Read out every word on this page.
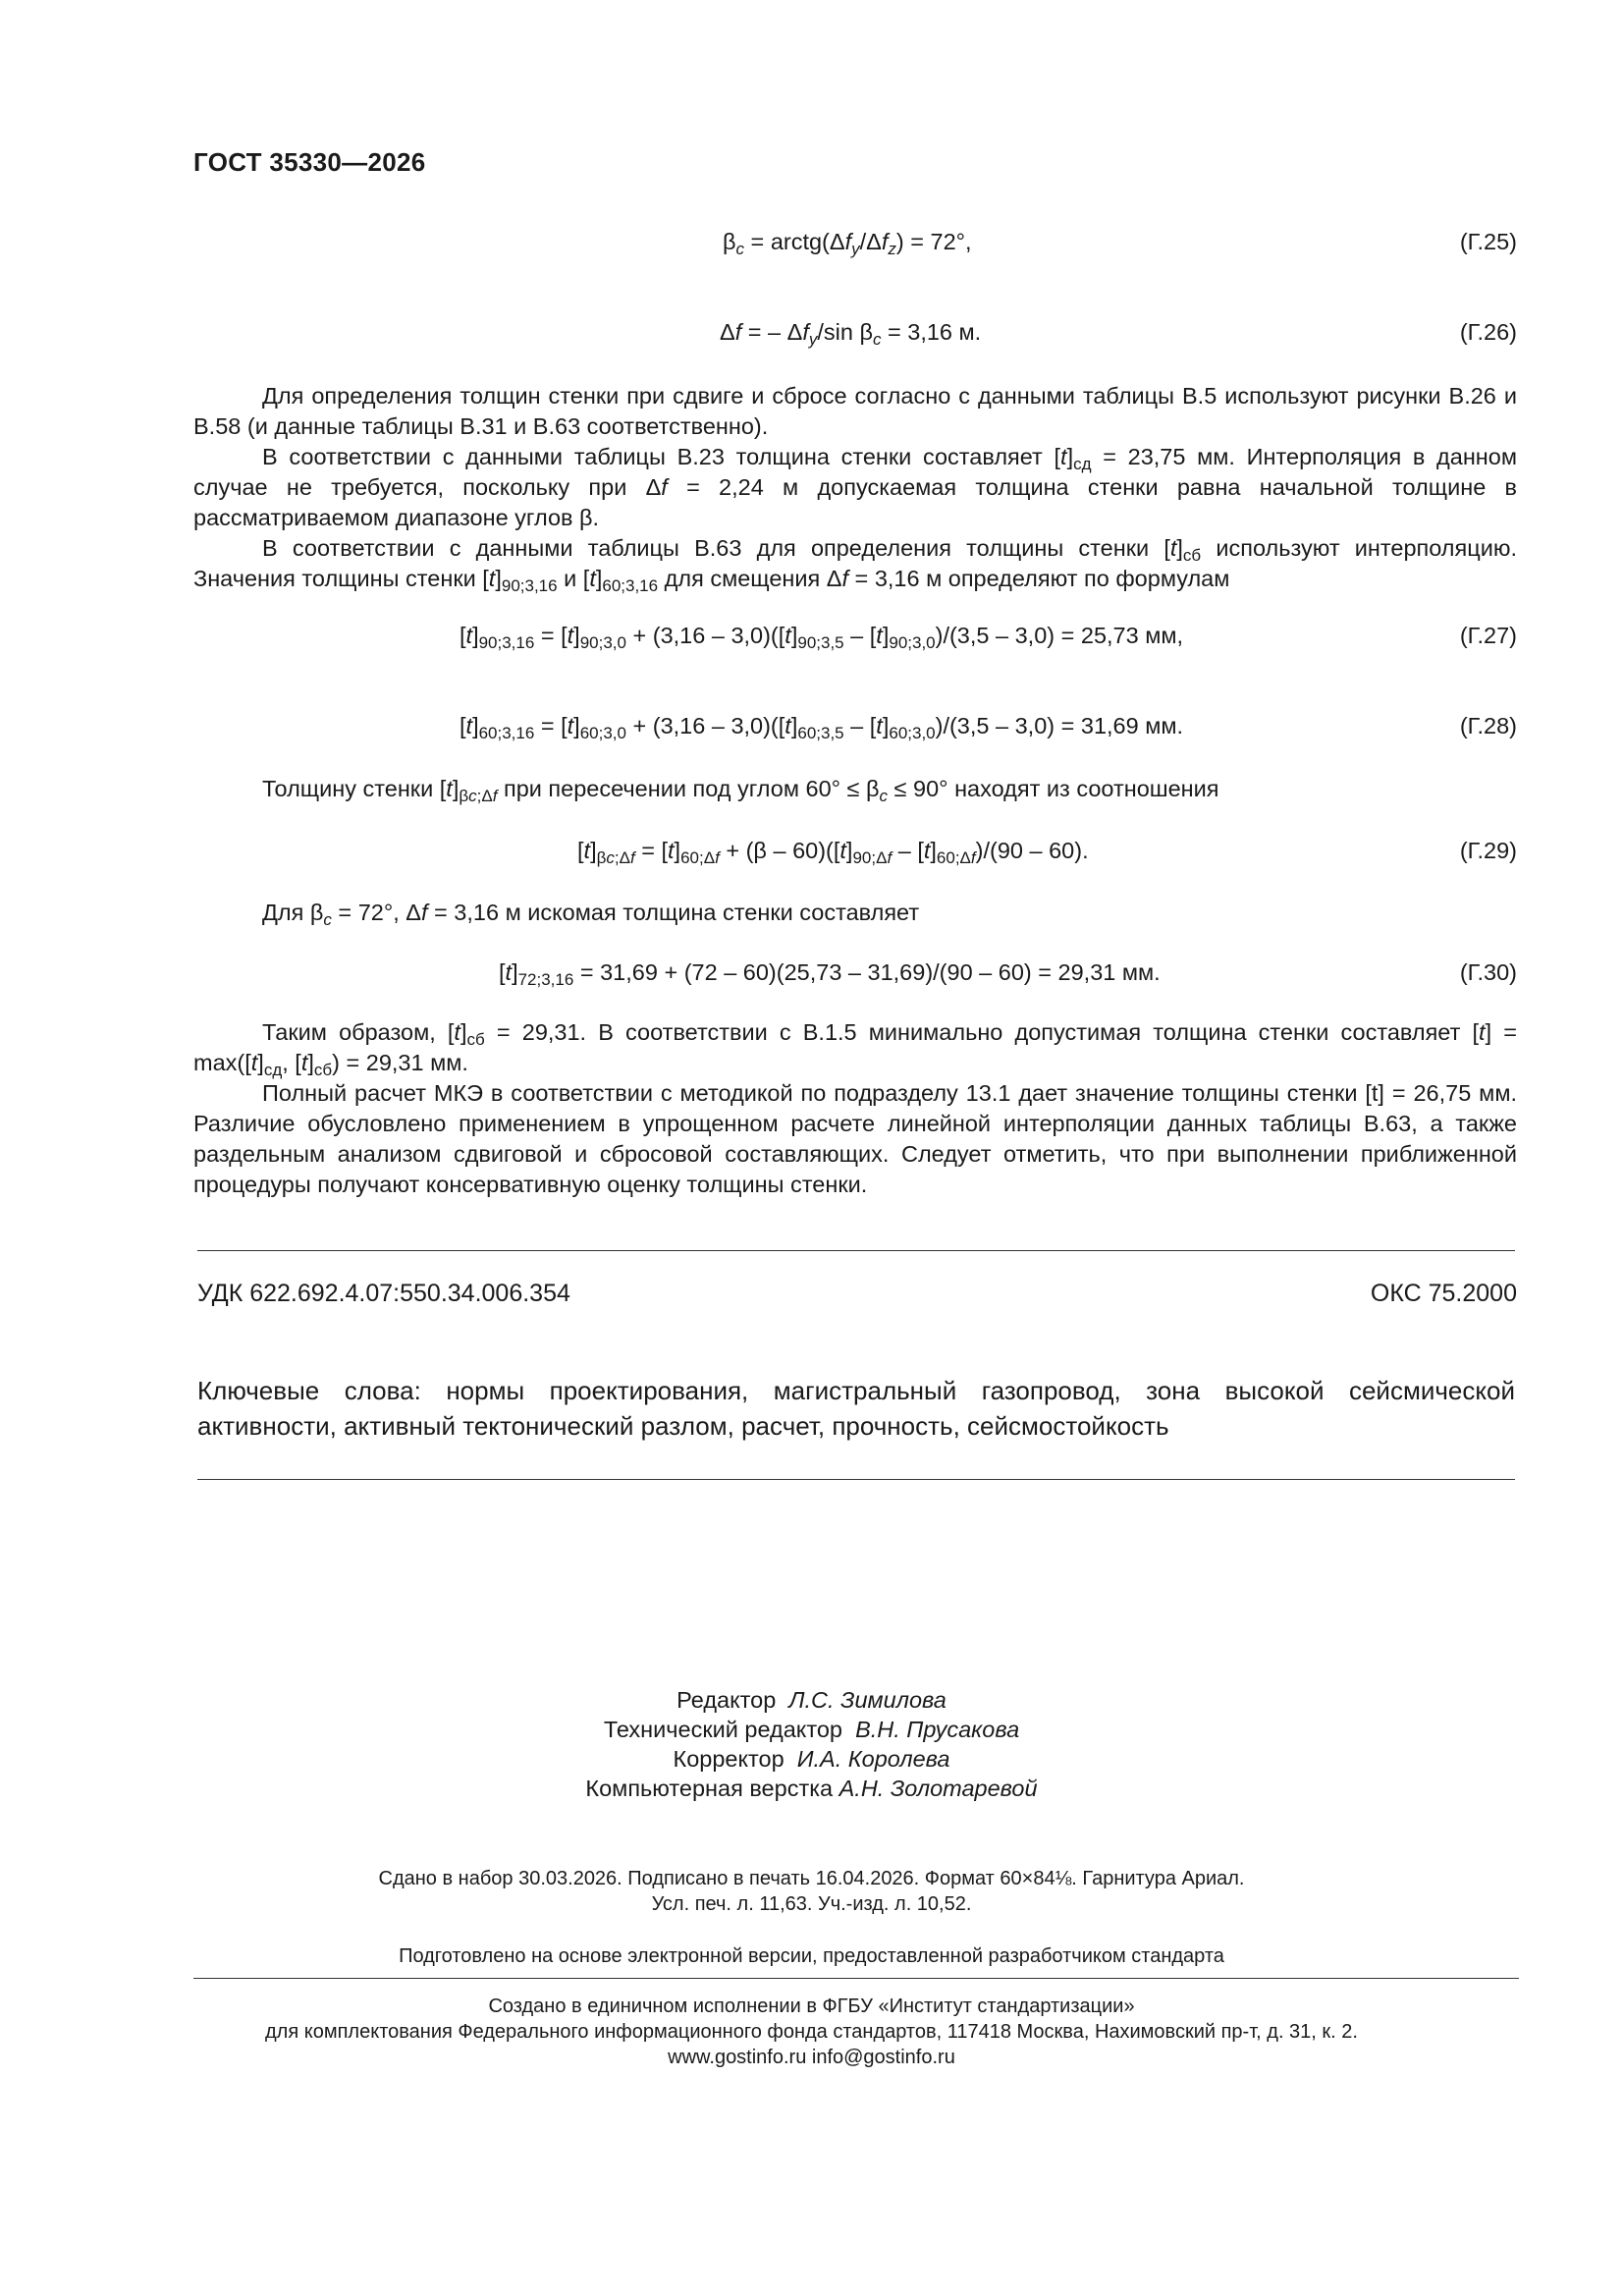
ГОСТ 35330—2026
$\beta_c$ = $arctg(\Delta f_y/\Delta f_z) = 72^\circ$,	(Г.25)
Δf = – $\Delta f_y/\sin$ $\beta_c = 3,16$ м.	(Г.26)

Для определения толщин стенки при сдвиге и сбросе согласно с данными таблицы В.5 используют рисунки В.26 и В.58 (и данные таблицы В.31 и В.63 соответственно).

В соответствии с данными таблицы В.23 толщина стенки составляет $[t]_{сд} = 23,75$ мм. Интерполяция в данном случае не требуется, поскольку при Δf = 2,24 м допускаемая толщина стенки равна начальной толщине в рассматриваемом диапазоне углов β.

В соответствии с данными таблицы В.63 для определения толщины стенки $[t]_{сб}$ используют интерполяцию. Значения толщины стенки $[t]_{90;3,16}$ и $[t]_{60;3,16}$ для смещения Δf = 3,16 м определяют по формулам

$[t]_{90;3,16} = [t]_{90;3,0} + (3,16 - 3,0)([t]_{90;3,5} - [t]_{90;3,0})/(3,5 - 3,0) = 25,73$ мм,	(Г.27)
$[t]_{60;3,16} = [t]_{60;3,0} + (3,16 - 3,0)([t]_{60;3,5} - [t]_{60;3,0})/(3,5 - 3,0) = 31,69$ мм.	(Г.28)

Толщину стенки $[t]_{\beta c;\Delta f}$ при пересечении под углом $60^\circ \le \beta_c \le 90^\circ$ находят из соотношения

$[t]_{\beta c;\Delta f} = [t]_{60;\Delta f} + (\beta - 60)([t]_{90;\Delta f} - [t]_{60;\Delta f})/(90 - 60)$.	(Г.29)

Для $\beta_c = 72^\circ$, Δf = 3,16 м искомая толщина стенки составляет

$[t]_{72;3,16} = 31,69 + (72 - 60)(25,73 - 31,69)/(90 - 60) = 29,31$ мм.	(Г.30)

Таким образом, $[t]_{сб} = 29,31$. В соответствии с В.1.5 минимально допустимая толщина стенки составляет $[t] = \max([t]_{сд}$, $[t]_{сб}) = 29,31$ мм.

Полный расчет МКЭ в соответствии с методикой по подразделу 13.1 дает значение толщины стенки [t] = 26,75 мм. Различие обусловлено применением в упрощенном расчете линейной интерполяции данных таблицы В.63, а также раздельным анализом сдвиговой и сбросовой составляющих. Следует отметить, что при выполнении приближенной процедуры получают консервативную оценку толщины стенки.

УДК 622.692.4.07:550.34.006.354	ОКС 75.2000
Ключевые слова: нормы проектирования, магистральный газопровод, зона высокой сейсмической активности, активный тектонический разлом, расчет, прочность, сейсмостойкость
Редактор Л.С. Зимилова
Технический редактор В.Н. Прусакова
Корректор И.А. Королева
Компьютерная верстка А.Н. Золотаревой
Сдано в набор 30.03.2026. Подписано в печать 16.04.2026. Формат 60×84⅛. Гарнитура Ариал.
Усл. печ. л. 11,63. Уч.-изд. л. 10,52.
Подготовлено на основе электронной версии, предоставленной разработчиком стандарта
Создано в единичном исполнении в ФГБУ «Институт стандартизации»
для комплектования Федерального информационного фонда стандартов, 117418 Москва, Нахимовский пр-т, д. 31, к. 2.
www.gostinfo.ru info@gostinfo.ru
